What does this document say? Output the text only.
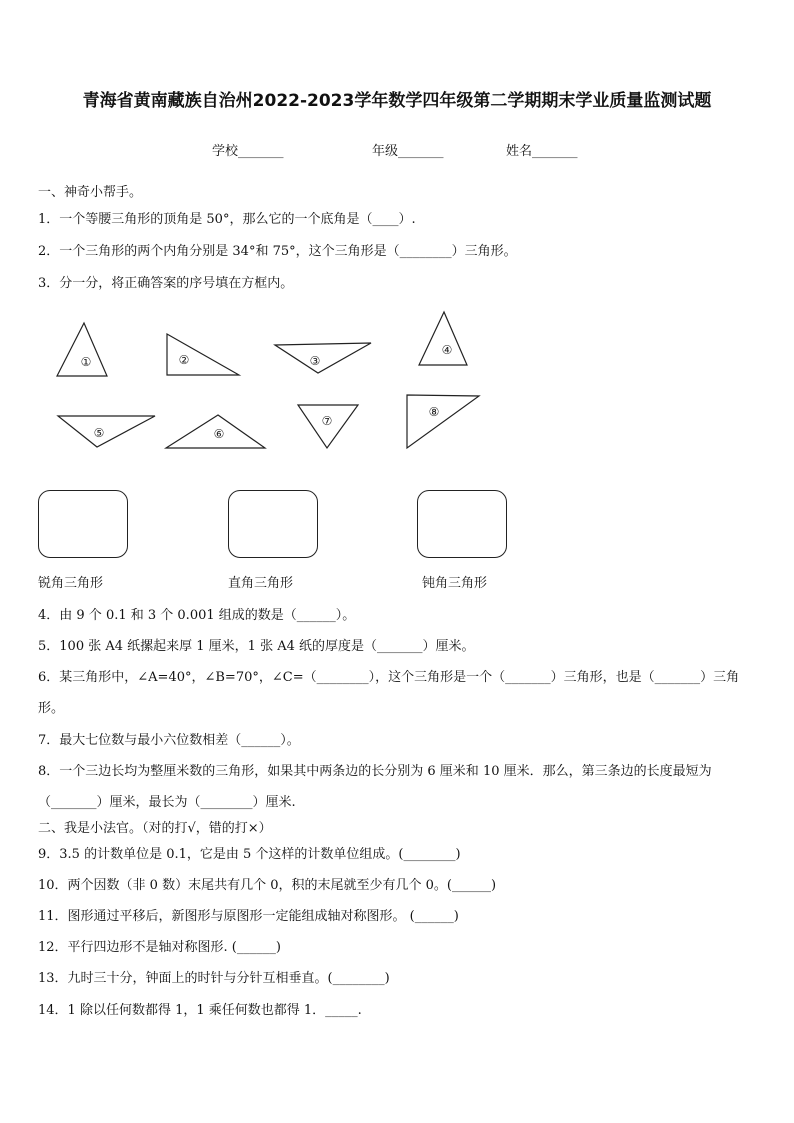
青海省黄南藏族自治州2022-2023学年数学四年级第二学期期末学业质量监测试题
学校_______	年级_______	姓名_______
一、神奇小帮手。
1．一个等腰三角形的顶角是 50°，那么它的一个底角是（____）.
2．一个三角形的两个内角分别是 34°和 75°，这个三角形是（________）三角形。
3．分一分，将正确答案的序号填在方框内。
①	②	③
④
⑤	⑥
⑦
⑧
锐角三角形	直角三角形	钝角三角形
4．由 9 个 0.1 和 3 个 0.001 组成的数是（______）。
5．100 张 A4 纸摞起来厚 1 厘米，1 张 A4 纸的厚度是（_______）厘米。
6．某三角形中，∠A=40°，∠B=70°，∠C=（________），这个三角形是一个（_______）三角形，也是（_______）三角
形。
7．最大七位数与最小六位数相差（______）。
8．一个三边长均为整厘米数的三角形，如果其中两条边的长分别为 6 厘米和 10 厘米．那么，第三条边的长度最短为
（_______）厘米，最长为（________）厘米.
二、我是小法官。（对的打√，错的打×）
9．3.5 的计数单位是 0.1，它是由 5 个这样的计数单位组成。(________)
10．两个因数（非 0 数）末尾共有几个 0，积的末尾就至少有几个 0。(______)
11．图形通过平移后，新图形与原图形一定能组成轴对称图形。 (______)
12．平行四边形不是轴对称图形. (______)
13．九时三十分，钟面上的时针与分针互相垂直。(________)
14．1 除以任何数都得 1，1 乘任何数也都得 1．_____.
